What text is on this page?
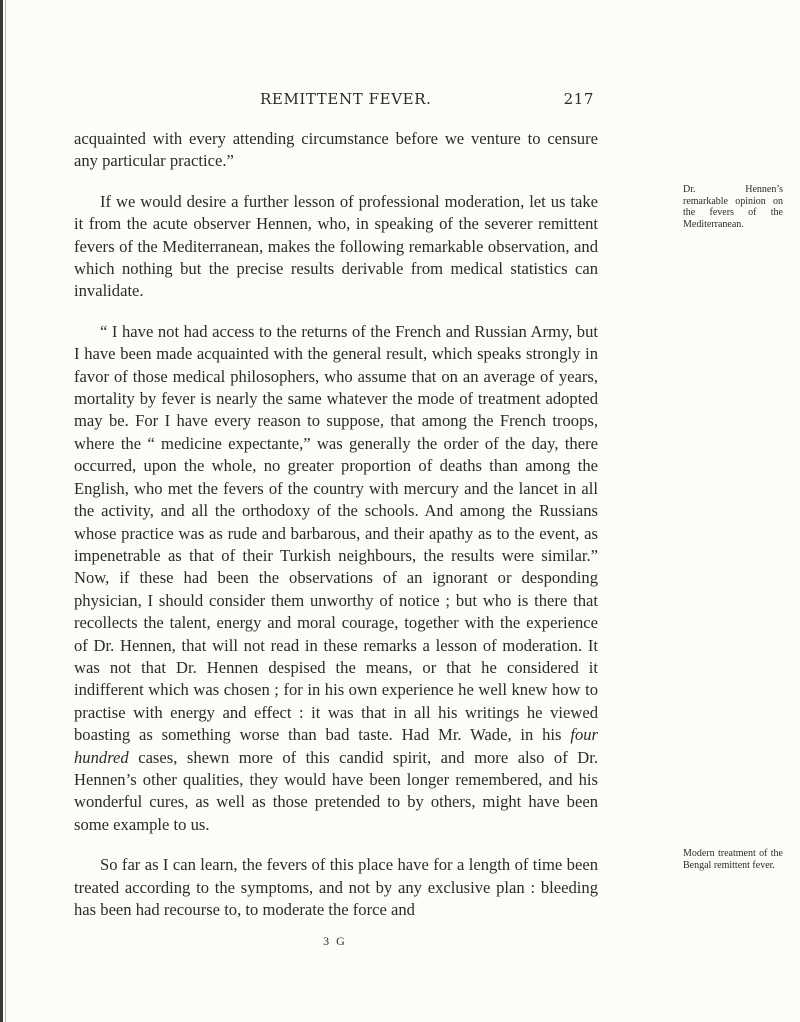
REMITTENT FEVER.	217

acquainted with every attending circumstance before we venture to censure any particular practice.”

If we would desire a further lesson of professional moderation, let us take it from the acute observer Hennen, who, in speaking of the severer remittent fevers of the Mediterranean, makes the following remarkable observation, and which nothing but the precise results derivable from medical statistics can invalidate.

“ I have not had access to the returns of the French and Russian Army, but I have been made acquainted with the general result, which speaks strongly in favor of those medical philosophers, who assume that on an average of years, mortality by fever is nearly the same whatever the mode of treatment adopted may be. For I have every reason to suppose, that among the French troops, where the “ medicine expectante,” was generally the order of the day, there occurred, upon the whole, no greater proportion of deaths than among the English, who met the fevers of the country with mercury and the lancet in all the activity, and all the orthodoxy of the schools. And among the Russians whose practice was as rude and barbarous, and their apathy as to the event, as impenetrable as that of their Turkish neighbours, the results were similar.” Now, if these had been the observations of an ignorant or desponding physician, I should consider them unworthy of notice ; but who is there that recollects the talent, energy and moral courage, together with the experience of Dr. Hennen, that will not read in these remarks a lesson of moderation. It was not that Dr. Hennen despised the means, or that he considered it indifferent which was chosen ; for in his own experience he well knew how to practise with energy and effect : it was that in all his writings he viewed boasting as something worse than bad taste. Had Mr. Wade, in his four hundred cases, shewn more of this candid spirit, and more also of Dr. Hennen’s other qualities, they would have been longer remembered, and his wonderful cures, as well as those pretended to by others, might have been some example to us.

So far as I can learn, the fevers of this place have for a length of time been treated according to the symptoms, and not by any exclusive plan : bleeding has been had recourse to, to moderate the force and

Dr. Hennen’s remarkable opinion on the fevers of the Mediterranean.
Modern treatment of the Bengal remittent fever.
3 G
